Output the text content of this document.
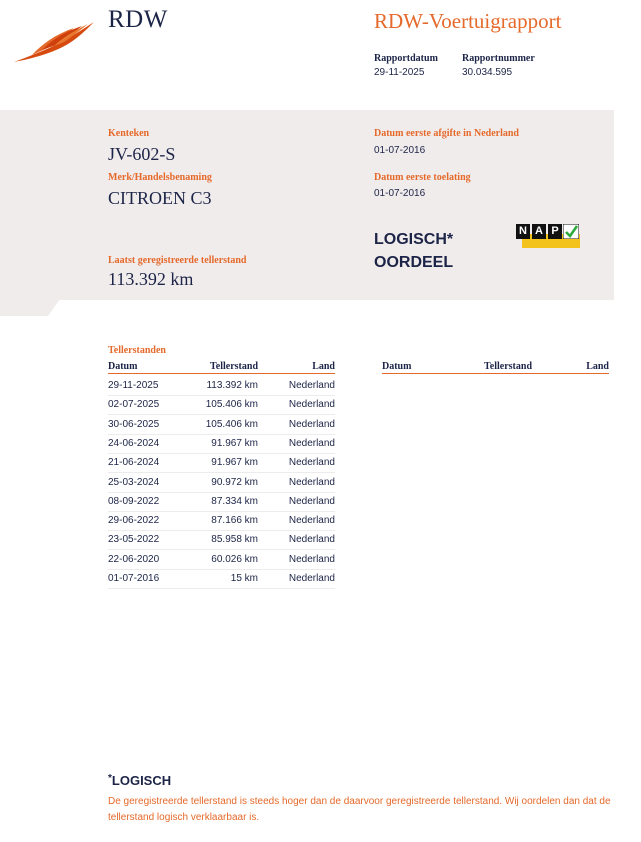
RDW	RDW-Voertuigrapport
Rapportdatum
29-11-2025
Rapportnummer
30.034.595
Kenteken
JV-602-S
Merk/Handelsbenaming
CITROEN C3
Laatst geregistreerde tellerstand
113.392 km
Datum eerste afgifte in Nederland
01-07-2016
Datum eerste toelating
01-07-2016
LOGISCH*
OORDEEL
N A P
Tellerstanden
Datum	Tellerstand	Land	Datum	Tellerstand	Land
29-11-2025	113.392 km	Nederland
02-07-2025	105.406 km	Nederland
30-06-2025	105.406 km	Nederland
24-06-2024	91.967 km	Nederland
21-06-2024	91.967 km	Nederland
25-03-2024	90.972 km	Nederland
08-09-2022	87.334 km	Nederland
29-06-2022	87.166 km	Nederland
23-05-2022	85.958 km	Nederland
22-06-2020	60.026 km	Nederland
01-07-2016	15 km	Nederland
*LOGISCH
De geregistreerde tellerstand is steeds hoger dan de daarvoor geregistreerde tellerstand. Wij oordelen dan dat de tellerstand logisch verklaarbaar is.
